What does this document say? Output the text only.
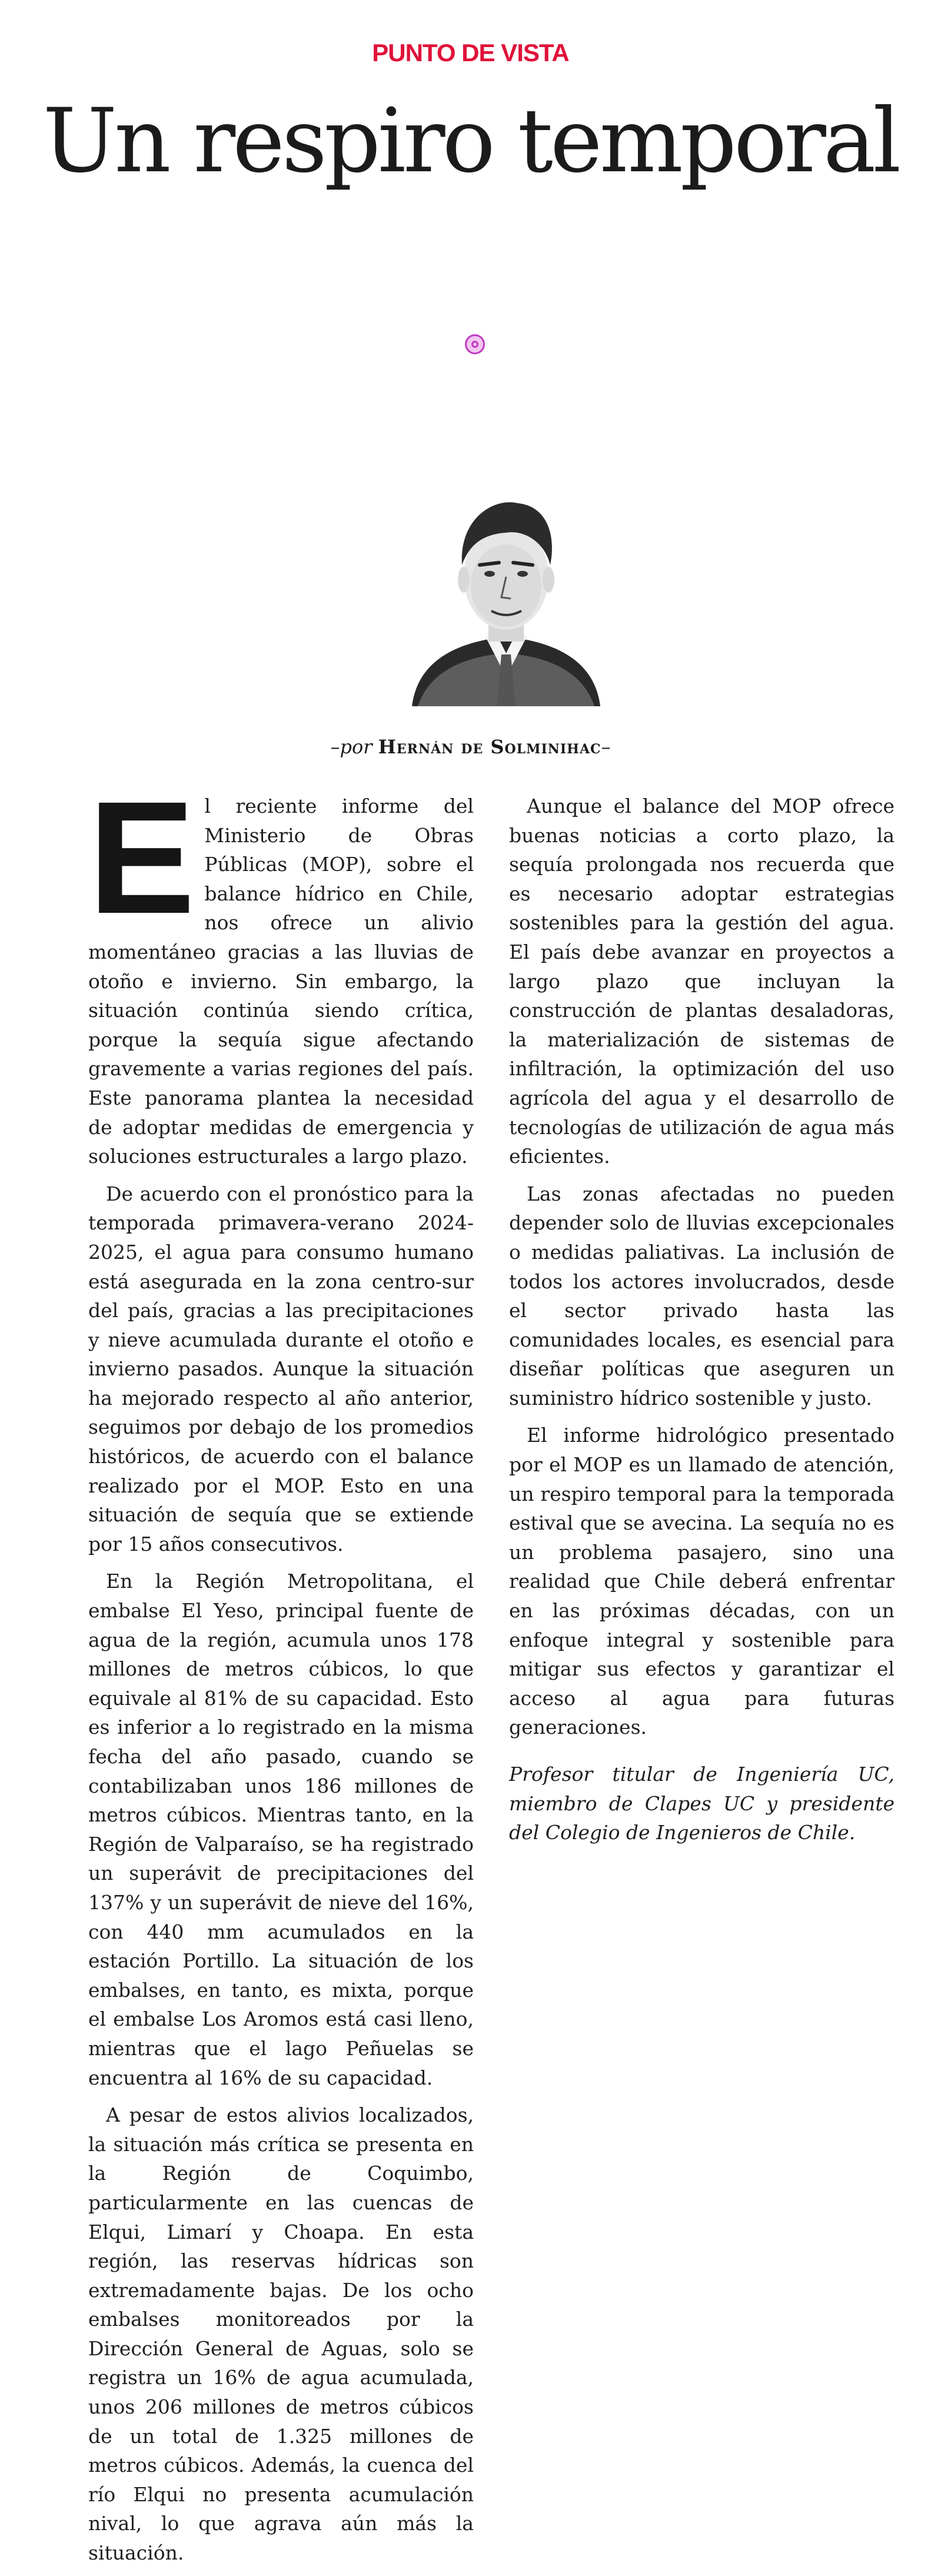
PUNTO DE VISTA
Un respiro temporal
–por Hernán de Solminihac–

El reciente informe del Ministerio de Obras Públicas (MOP), sobre el balance hídrico en Chile, nos ofrece un alivio momentáneo gracias a las lluvias de otoño e invierno. Sin embargo, la situación continúa siendo crítica, porque la sequía sigue afectando gravemente a varias regiones del país. Este panorama plantea la necesidad de adoptar medidas de emergencia y soluciones estructurales a largo plazo.

De acuerdo con el pronóstico para la temporada primavera-verano 2024-2025, el agua para consumo humano está asegurada en la zona centro-sur del país, gracias a las precipitaciones y nieve acumulada durante el otoño e invierno pasados. Aunque la situación ha mejorado respecto al año anterior, seguimos por debajo de los promedios históricos, de acuerdo con el balance realizado por el MOP. Esto en una situación de sequía que se extiende por 15 años consecutivos.

En la Región Metropolitana, el embalse El Yeso, principal fuente de agua de la región, acumula unos 178 millones de metros cúbicos, lo que equivale al 81% de su capacidad. Esto es inferior a lo registrado en la misma fecha del año pasado, cuando se contabilizaban unos 186 millones de metros cúbicos. Mientras tanto, en la Región de Valparaíso, se ha registrado un superávit de precipitaciones del 137% y un superávit de nieve del 16%, con 440 mm acumulados en la estación Portillo. La situación de los embalses, en tanto, es mixta, porque el embalse Los Aromos está casi lleno, mientras que el lago Peñuelas se encuentra al 16% de su capacidad.

A pesar de estos alivios localizados, la situación más crítica se presenta en la Región de Coquimbo, particularmente en las cuencas de Elqui, Limarí y Choapa. En esta región, las reservas hídricas son extremadamente bajas. De los ocho embalses monitoreados por la Dirección General de Aguas, solo se registra un 16% de agua acumulada, unos 206 millones de metros cúbicos de un total de 1.325 millones de metros cúbicos. Además, la cuenca del río Elqui no presenta acumulación nival, lo que agrava aún más la situación.

Aunque el balance del MOP ofrece buenas noticias a corto plazo, la sequía prolongada nos recuerda que es necesario adoptar estrategias sostenibles para la gestión del agua. El país debe avanzar en proyectos a largo plazo que incluyan la construcción de plantas desaladoras, la materialización de sistemas de infiltración, la optimización del uso agrícola del agua y el desarrollo de tecnologías de utilización de agua más eficientes.

Las zonas afectadas no pueden depender solo de lluvias excepcionales o medidas paliativas. La inclusión de todos los actores involucrados, desde el sector privado hasta las comunidades locales, es esencial para diseñar políticas que aseguren un suministro hídrico sostenible y justo.

El informe hidrológico presentado por el MOP es un llamado de atención, un respiro temporal para la temporada estival que se avecina. La sequía no es un problema pasajero, sino una realidad que Chile deberá enfrentar en las próximas décadas, con un enfoque integral y sostenible para mitigar sus efectos y garantizar el acceso al agua para futuras generaciones.

Profesor titular de Ingeniería UC, miembro de Clapes UC y presidente del Colegio de Ingenieros de Chile.
